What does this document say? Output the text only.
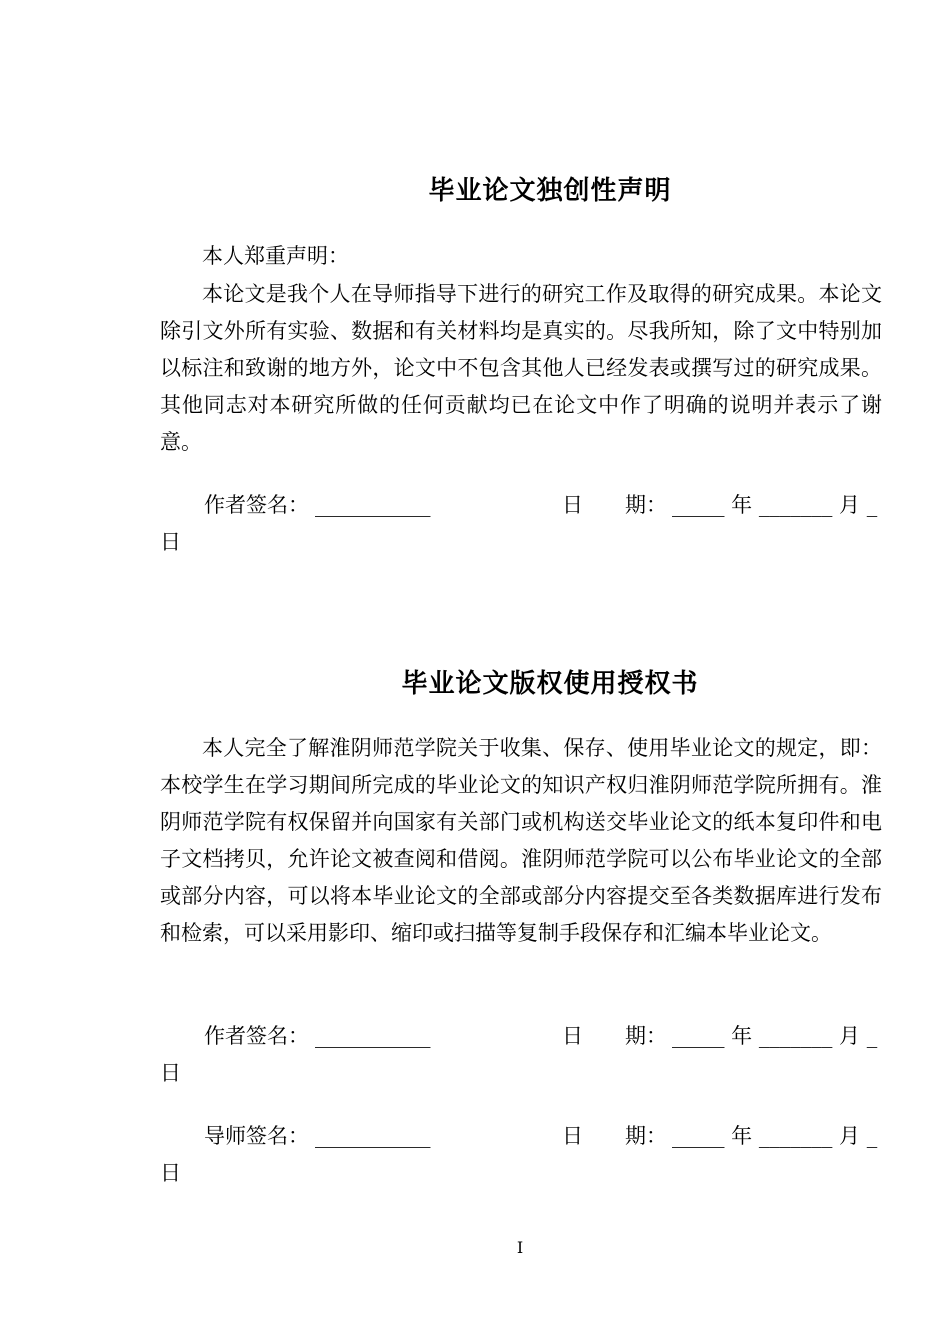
毕业论文独创性声明

本人郑重声明：

本论文是我个人在导师指导下进行的研究工作及取得的研究成果。本论文除引文外所有实验、数据和有关材料均是真实的。尽我所知，除了文中特别加以标注和致谢的地方外，论文中不包含其他人已经发表或撰写过的研究成果。其他同志对本研究所做的任何贡献均已在论文中作了明确的说明并表示了谢意。

作者签名： ___________	日　　期： _____ 年 _______ 月 _
日
毕业论文版权使用授权书

本人完全了解淮阴师范学院关于收集、保存、使用毕业论文的规定，即：本校学生在学习期间所完成的毕业论文的知识产权归淮阴师范学院所拥有。淮阴师范学院有权保留并向国家有关部门或机构送交毕业论文的纸本复印件和电子文档拷贝，允许论文被查阅和借阅。淮阴师范学院可以公布毕业论文的全部或部分内容，可以将本毕业论文的全部或部分内容提交至各类数据库进行发布和检索，可以采用影印、缩印或扫描等复制手段保存和汇编本毕业论文。

作者签名： ___________	日　　期： _____ 年 _______ 月 _
日
导师签名： ___________	日　　期： _____ 年 _______ 月 _
日
I
